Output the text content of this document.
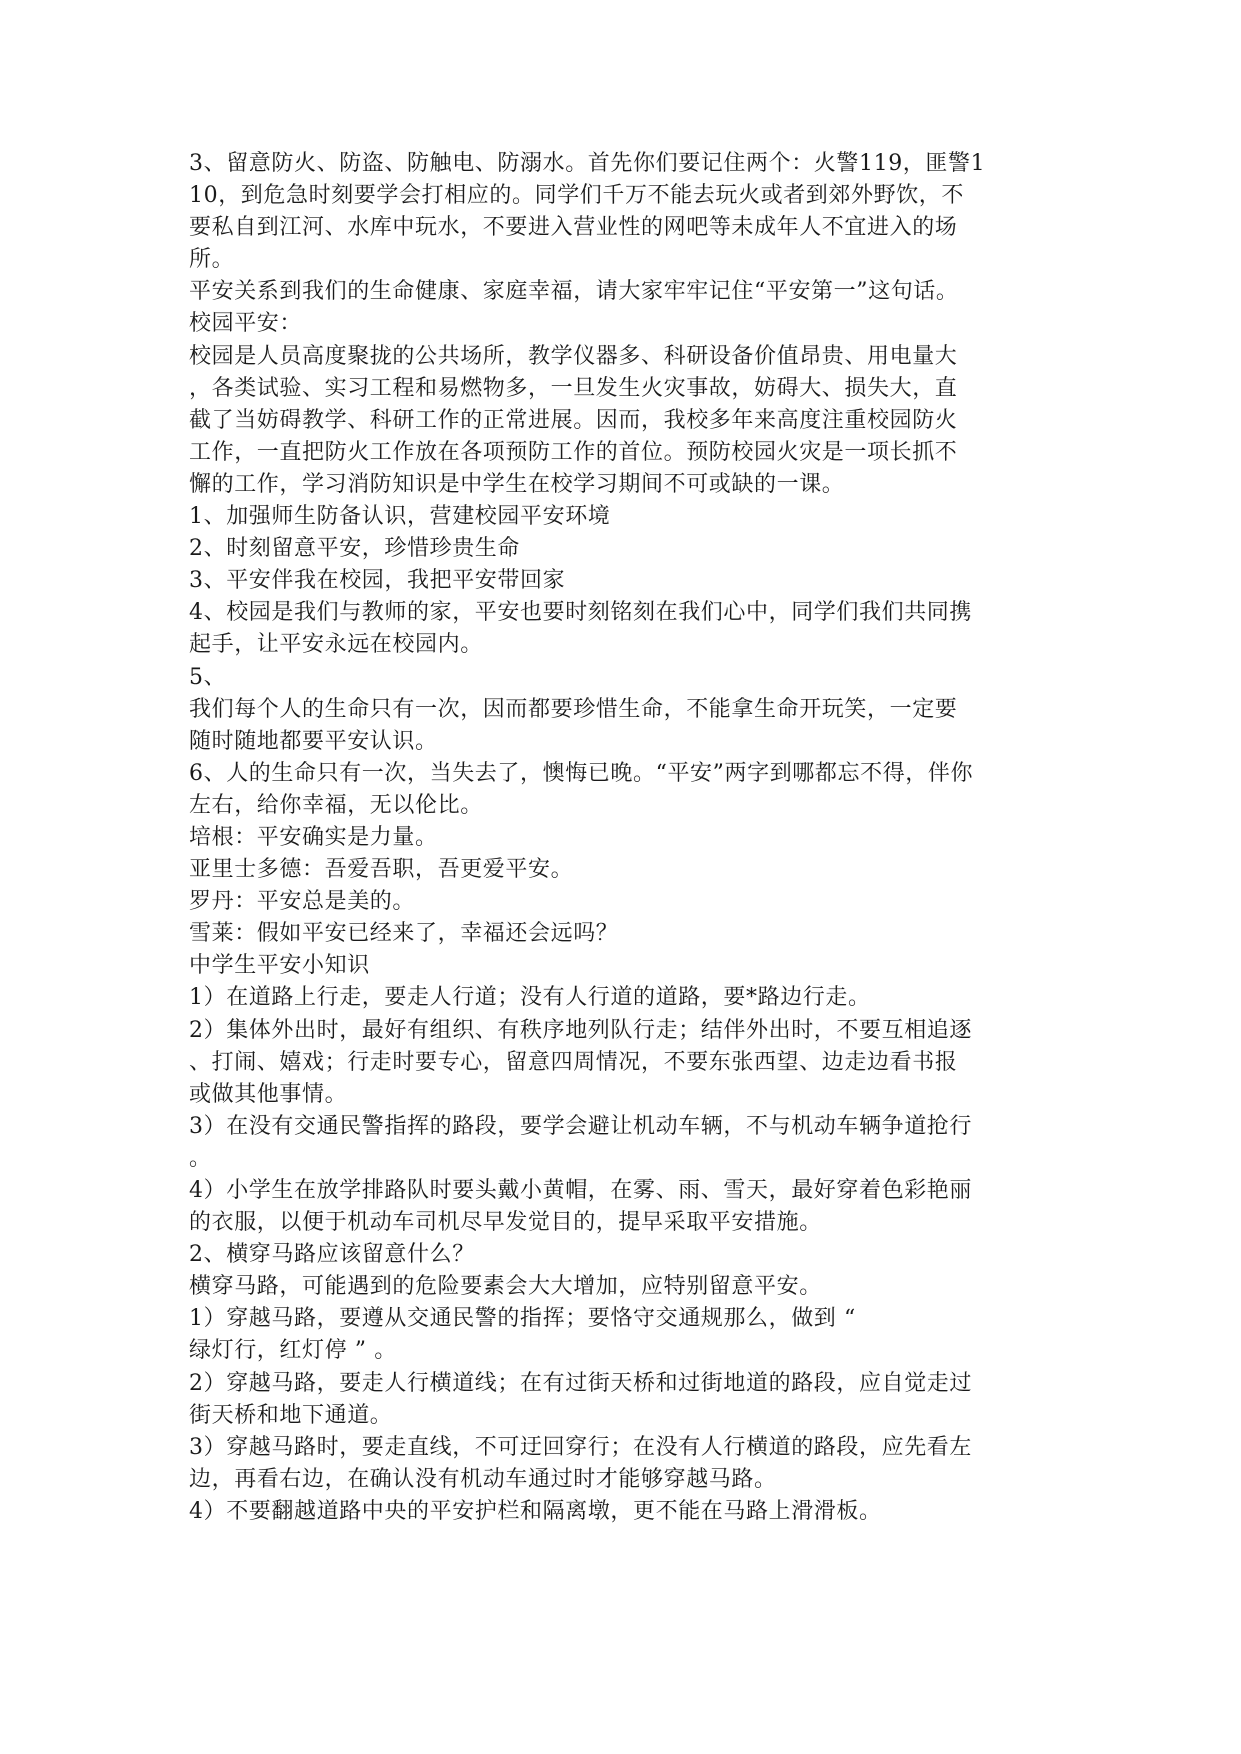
3、留意防火、防盗、防触电、防溺水。首先你们要记住两个：火警119，匪警1

10，到危急时刻要学会打相应的。同学们千万不能去玩火或者到郊外野饮，不

要私自到江河、水库中玩水，不要进入营业性的网吧等未成年人不宜进入的场

所。

平安关系到我们的生命健康、家庭幸福，请大家牢牢记住“平安第一”这句话。

校园平安：

校园是人员高度聚拢的公共场所，教学仪器多、科研设备价值昂贵、用电量大

，各类试验、实习工程和易燃物多，一旦发生火灾事故，妨碍大、损失大，直

截了当妨碍教学、科研工作的正常进展。因而，我校多年来高度注重校园防火

工作，一直把防火工作放在各项预防工作的首位。预防校园火灾是一项长抓不

懈的工作，学习消防知识是中学生在校学习期间不可或缺的一课。

1、加强师生防备认识，营建校园平安环境

2、时刻留意平安，珍惜珍贵生命

3、平安伴我在校园，我把平安带回家

4、校园是我们与教师的家，平安也要时刻铭刻在我们心中，同学们我们共同携

起手，让平安永远在校园内。

5、

我们每个人的生命只有一次，因而都要珍惜生命，不能拿生命开玩笑，一定要

随时随地都要平安认识。

6、人的生命只有一次，当失去了，懊悔已晚。“平安”两字到哪都忘不得，伴你

左右，给你幸福，无以伦比。

培根：平安确实是力量。

亚里士多德：吾爱吾职，吾更爱平安。

罗丹：平安总是美的。

雪莱：假如平安已经来了，幸福还会远吗？

中学生平安小知识

1）在道路上行走，要走人行道；没有人行道的道路，要*路边行走。

2）集体外出时，最好有组织、有秩序地列队行走；结伴外出时，不要互相追逐

、打闹、嬉戏；行走时要专心，留意四周情况，不要东张西望、边走边看书报

或做其他事情。

3）在没有交通民警指挥的路段，要学会避让机动车辆，不与机动车辆争道抢行

。

4）小学生在放学排路队时要头戴小黄帽，在雾、雨、雪天，最好穿着色彩艳丽

的衣服，以便于机动车司机尽早发觉目的，提早采取平安措施。

2、横穿马路应该留意什么？

横穿马路，可能遇到的危险要素会大大增加，应特别留意平安。

1）穿越马路，要遵从交通民警的指挥；要恪守交通规那么，做到 “

绿灯行，红灯停 ” 。

2）穿越马路，要走人行横道线；在有过街天桥和过街地道的路段，应自觉走过

街天桥和地下通道。

3）穿越马路时，要走直线，不可迂回穿行；在没有人行横道的路段，应先看左

边，再看右边，在确认没有机动车通过时才能够穿越马路。

4）不要翻越道路中央的平安护栏和隔离墩，更不能在马路上滑滑板。
